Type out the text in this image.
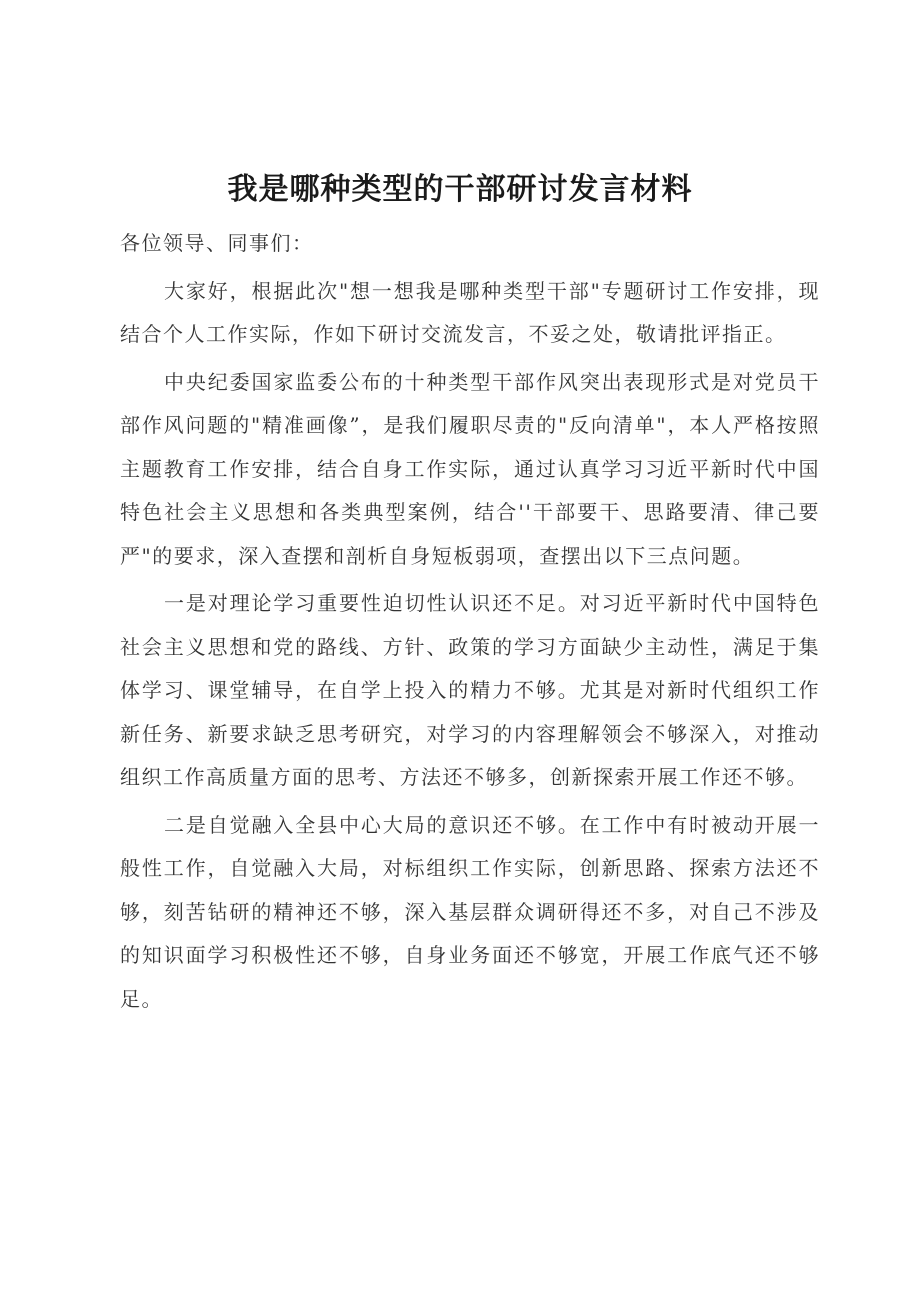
我是哪种类型的干部研讨发言材料

各位领导、同事们：

大家好，根据此次"想一想我是哪种类型干部"专题研讨工作安排，现结合个人工作实际，作如下研讨交流发言，不妥之处，敬请批评指正。

中央纪委国家监委公布的十种类型干部作风突出表现形式是对党员干部作风问题的"精准画像”，是我们履职尽责的"反向清单"，本人严格按照主题教育工作安排，结合自身工作实际，通过认真学习习近平新时代中国特色社会主义思想和各类典型案例，结合''干部要干、思路要清、律己要严"的要求，深入查摆和剖析自身短板弱项，查摆出以下三点问题。

一是对理论学习重要性迫切性认识还不足。对习近平新时代中国特色社会主义思想和党的路线、方针、政策的学习方面缺少主动性，满足于集体学习、课堂辅导，在自学上投入的精力不够。尤其是对新时代组织工作新任务、新要求缺乏思考研究，对学习的内容理解领会不够深入，对推动组织工作高质量方面的思考、方法还不够多，创新探索开展工作还不够。

二是自觉融入全县中心大局的意识还不够。在工作中有时被动开展一般性工作，自觉融入大局，对标组织工作实际，创新思路、探索方法还不够，刻苦钻研的精神还不够，深入基层群众调研得还不多，对自己不涉及的知识面学习积极性还不够，自身业务面还不够宽，开展工作底气还不够足。
